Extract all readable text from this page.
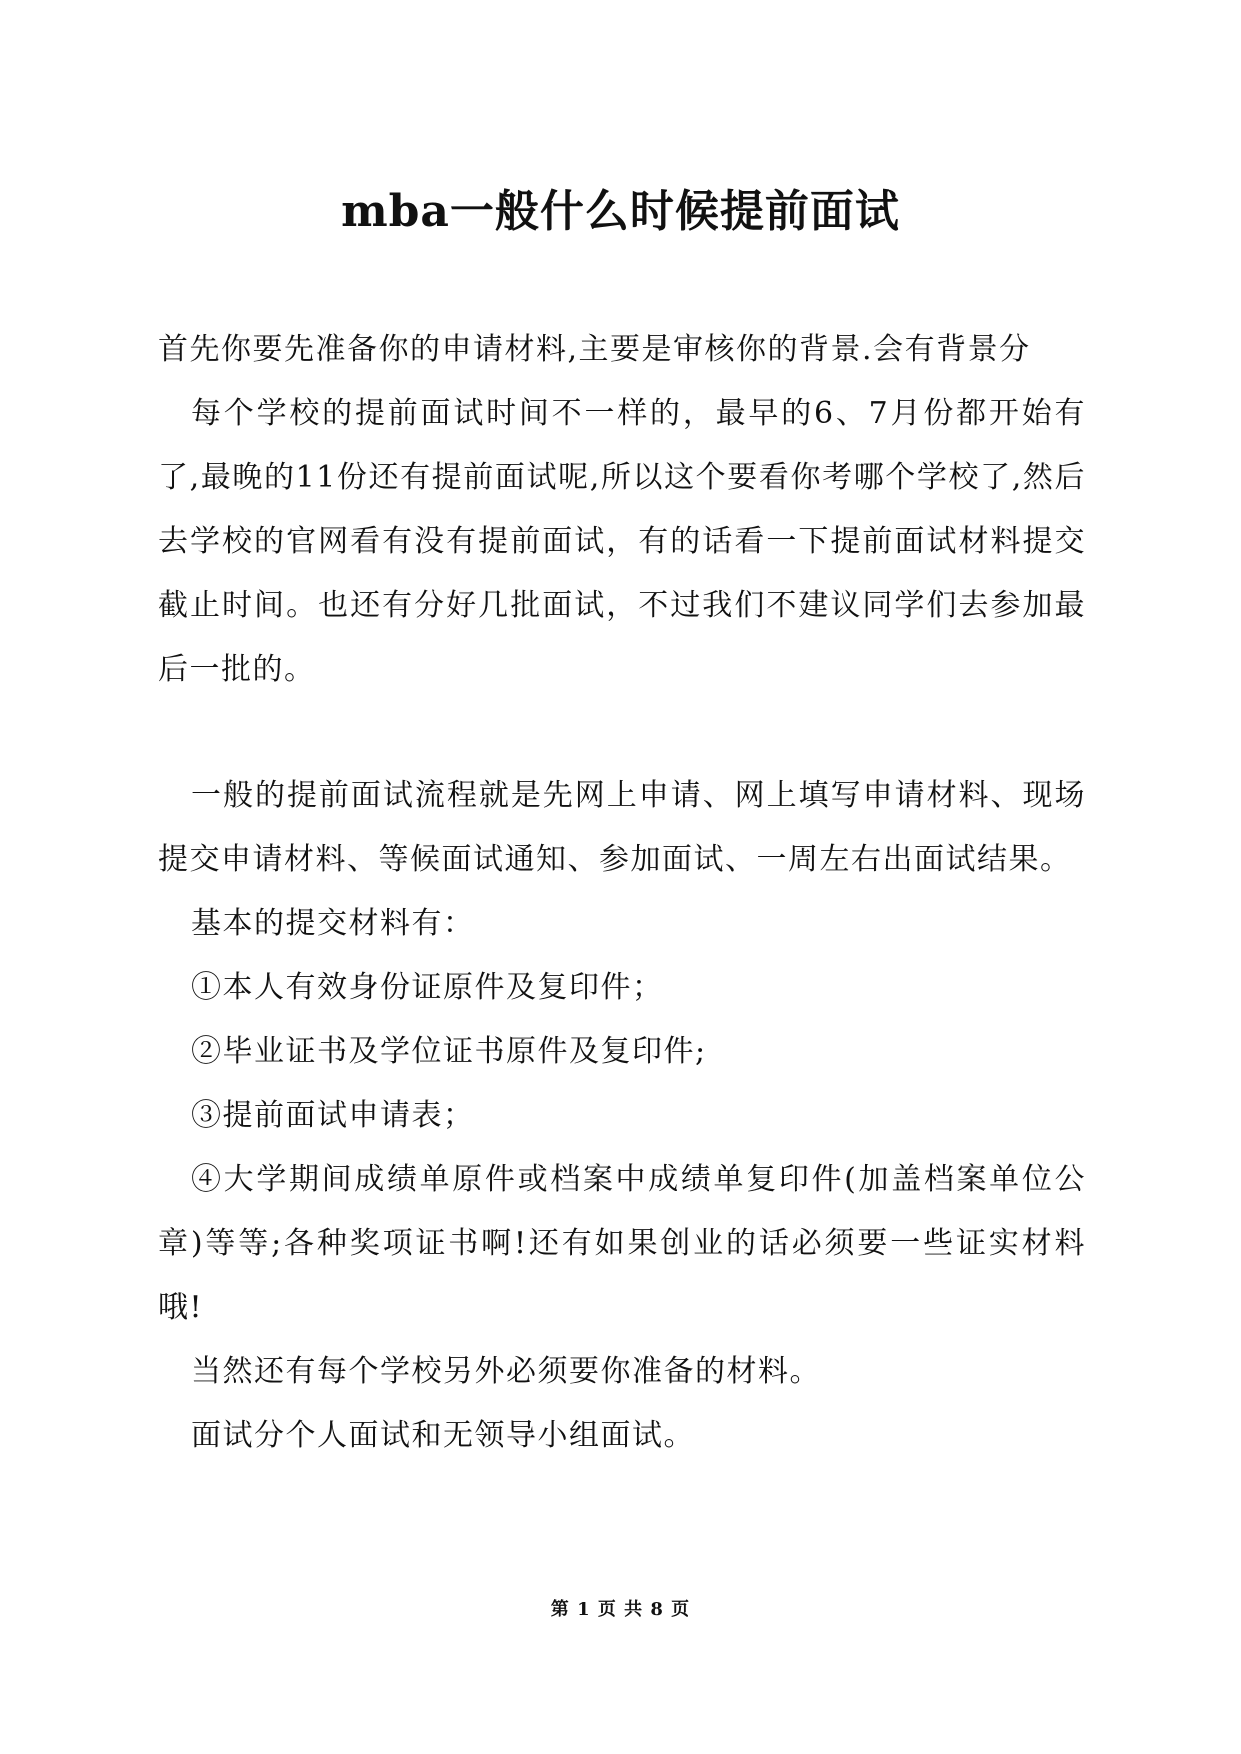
mba一般什么时候提前面试

首先你要先准备你的申请材料,主要是审核你的背景.会有背景分

每个学校的提前面试时间不一样的，最早的6、7月份都开始有了,最晚的11份还有提前面试呢,所以这个要看你考哪个学校了,然后去学校的官网看有没有提前面试，有的话看一下提前面试材料提交截止时间。也还有分好几批面试，不过我们不建议同学们去参加最后一批的。

一般的提前面试流程就是先网上申请、网上填写申请材料、现场提交申请材料、等候面试通知、参加面试、一周左右出面试结果。

基本的提交材料有：

①本人有效身份证原件及复印件；

②毕业证书及学位证书原件及复印件;

③提前面试申请表；

④大学期间成绩单原件或档案中成绩单复印件(加盖档案单位公章)等等;各种奖项证书啊!还有如果创业的话必须要一些证实材料哦!

当然还有每个学校另外必须要你准备的材料。

面试分个人面试和无领导小组面试。

第 1 页 共 8 页
